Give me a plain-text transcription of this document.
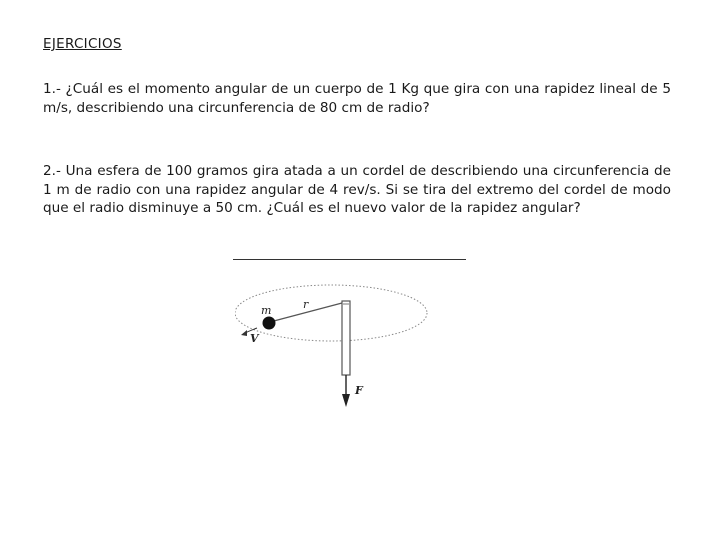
EJERCICIOS

1.- ¿Cuál es el momento angular de un cuerpo de 1 Kg que gira con una rapidez lineal de 5 m/s, describiendo una circunferencia de 80 cm de radio?

2.- Una esfera de 100 gramos gira atada a un cordel de describiendo una circunferencia de 1 m de radio con una rapidez angular de 4 rev/s. Si se tira del extremo del cordel de modo que el radio disminuye a 50 cm. ¿Cuál es el nuevo valor de la rapidez angular?

m	r
V
F
